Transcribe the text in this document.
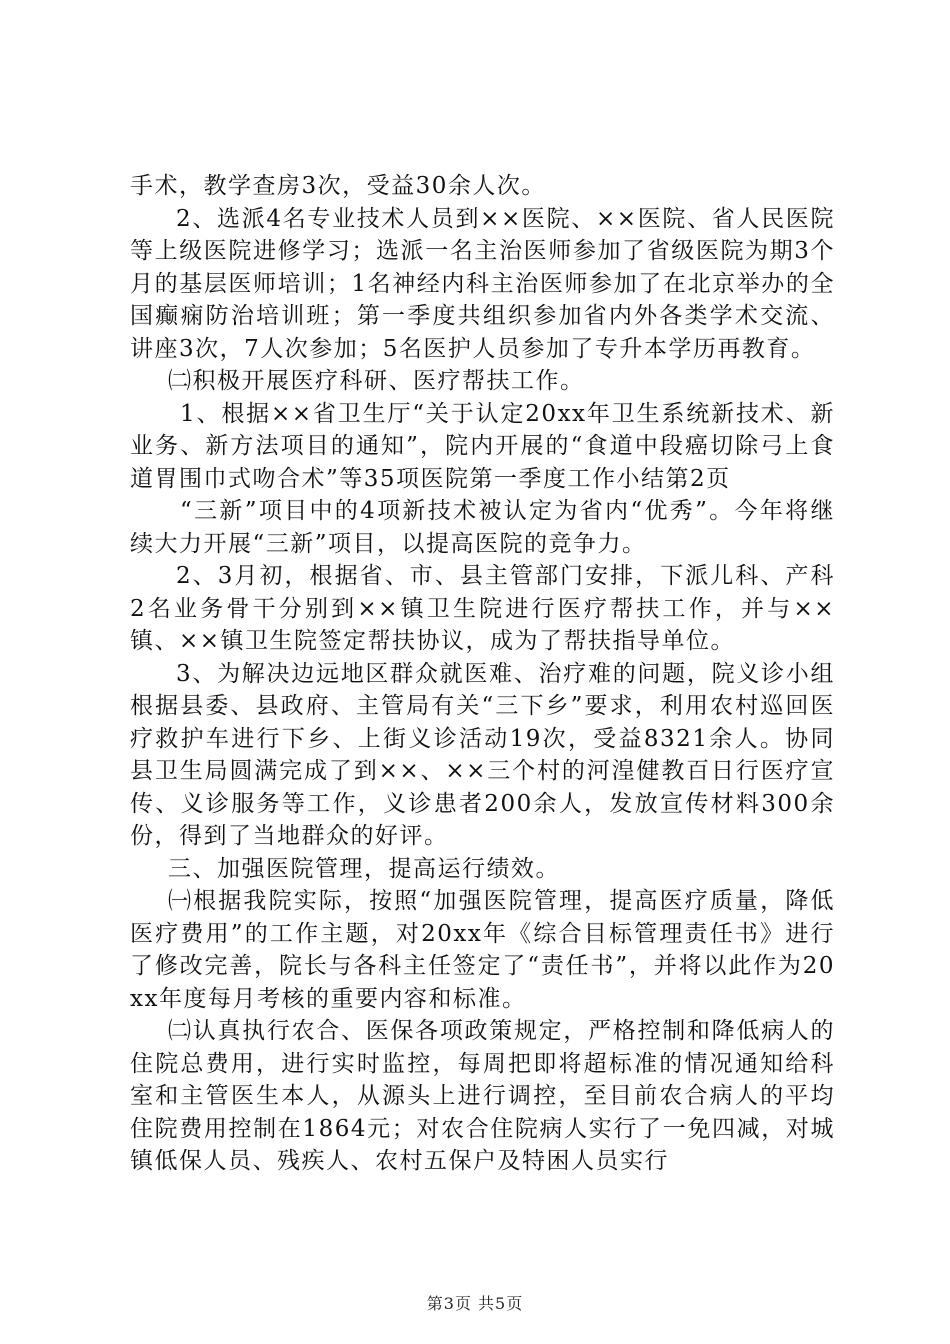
手术，教学查房3次，受益30余人次。

2、选派4名专业技术人员到××医院、××医院、省人民医院等上级医院进修学习；选派一名主治医师参加了省级医院为期3个月的基层医师培训；1名神经内科主治医师参加了在北京举办的全国癫痫防治培训班；第一季度共组织参加省内外各类学术交流、讲座3次，7人次参加；5名医护人员参加了专升本学历再教育。

㈡积极开展医疗科研、医疗帮扶工作。

1、根据××省卫生厅“关于认定20xx年卫生系统新技术、新业务、新方法项目的通知”，院内开展的“食道中段癌切除弓上食道胃围巾式吻合术”等35项医院第一季度工作小结第2页

“三新”项目中的4项新技术被认定为省内“优秀”。今年将继续大力开展“三新”项目，以提高医院的竞争力。

2、3月初，根据省、市、县主管部门安排，下派儿科、产科2名业务骨干分别到××镇卫生院进行医疗帮扶工作，并与××镇、××镇卫生院签定帮扶协议，成为了帮扶指导单位。

3、为解决边远地区群众就医难、治疗难的问题，院义诊小组根据县委、县政府、主管局有关“三下乡”要求，利用农村巡回医疗救护车进行下乡、上街义诊活动19次，受益8321余人。协同县卫生局圆满完成了到××、××三个村的河湟健教百日行医疗宣传、义诊服务等工作，义诊患者200余人，发放宣传材料300余份，得到了当地群众的好评。

三、加强医院管理，提高运行绩效。

㈠根据我院实际，按照“加强医院管理，提高医疗质量，降低医疗费用”的工作主题，对20xx年《综合目标管理责任书》进行了修改完善，院长与各科主任签定了“责任书”，并将以此作为20xx年度每月考核的重要内容和标准。

㈡认真执行农合、医保各项政策规定，严格控制和降低病人的住院总费用，进行实时监控，每周把即将超标准的情况通知给科室和主管医生本人，从源头上进行调控，至目前农合病人的平均住院费用控制在1864元；对农合住院病人实行了一免四减，对城镇低保人员、残疾人、农村五保户及特困人员实行

第3页 共5页
